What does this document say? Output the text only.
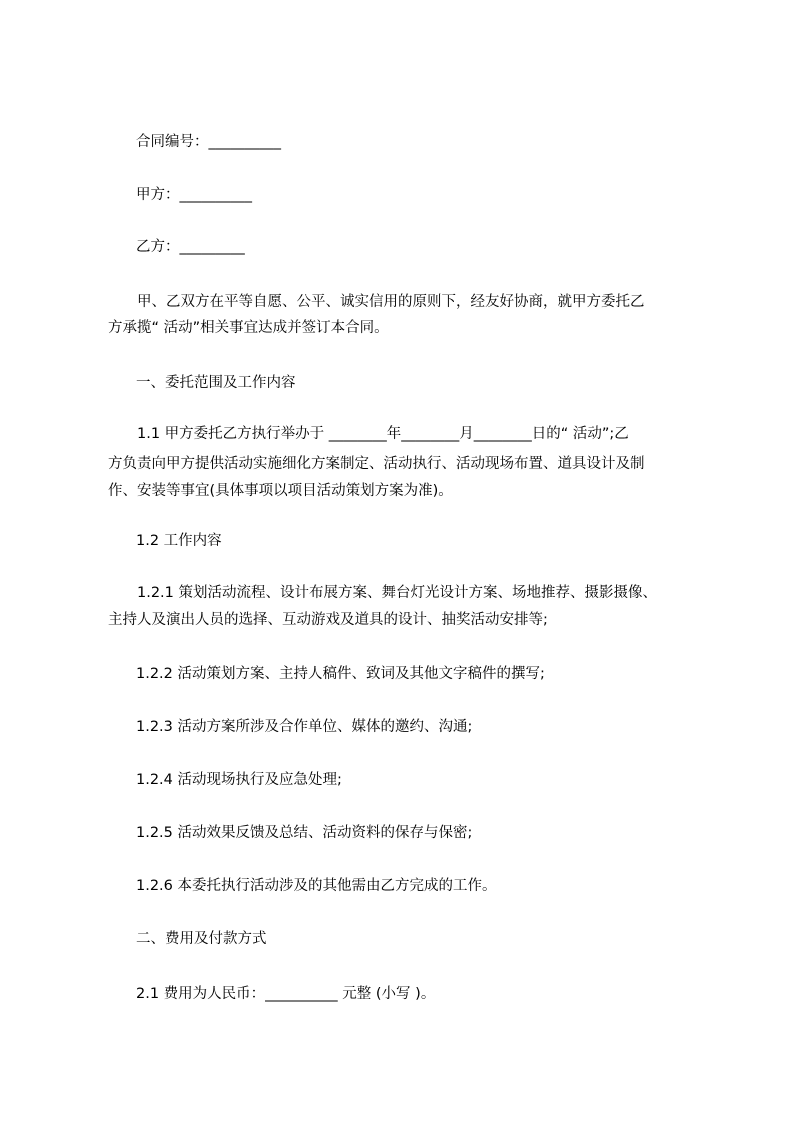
合同编号：__________
甲方：__________
乙方：_________
甲、乙双方在平等自愿、公平、诚实信用的原则下，经友好协商，就甲方委托乙
方承揽“ 活动”相关事宜达成并签订本合同。
一、委托范围及工作内容
1.1 甲方委托乙方执行举办于 ________年________月________日的“ 活动”;乙
方负责向甲方提供活动实施细化方案制定、活动执行、活动现场布置、道具设计及制
作、安装等事宜(具体事项以项目活动策划方案为准)。
1.2 工作内容
1.2.1 策划活动流程、设计布展方案、舞台灯光设计方案、场地推荐、摄影摄像、
主持人及演出人员的选择、互动游戏及道具的设计、抽奖活动安排等;
1.2.2 活动策划方案、主持人稿件、致词及其他文字稿件的撰写;
1.2.3 活动方案所涉及合作单位、媒体的邀约、沟通;
1.2.4 活动现场执行及应急处理;
1.2.5 活动效果反馈及总结、活动资料的保存与保密;
1.2.6 本委托执行活动涉及的其他需由乙方完成的工作。
二、费用及付款方式
2.1 费用为人民币：__________ 元整 (小写 )。
